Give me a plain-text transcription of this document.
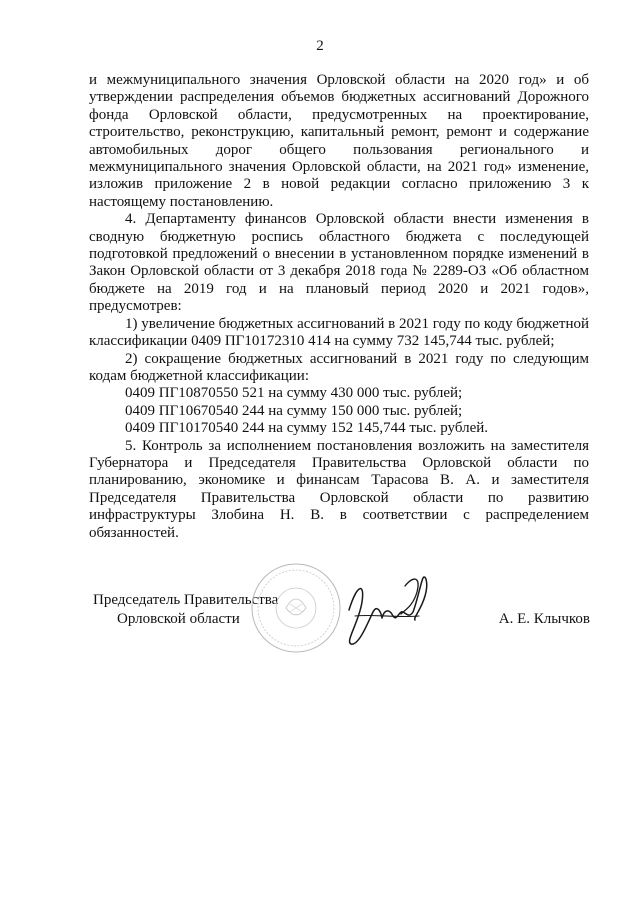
2

и межмуниципального значения Орловской области на 2020 год» и об утверждении распределения объемов бюджетных ассигнований Дорожного фонда Орловской области, предусмотренных на проектирование, строительство, реконструкцию, капитальный ремонт, ремонт и содержание автомобильных дорог общего пользования регионального и межмуниципального значения Орловской области, на 2021 год» изменение, изложив приложение 2 в новой редакции согласно приложению 3 к настоящему постановлению.

4. Департаменту финансов Орловской области внести изменения в сводную бюджетную роспись областного бюджета с последующей подготовкой предложений о внесении в установленном порядке изменений в Закон Орловской области от 3 декабря 2018 года № 2289-ОЗ «Об областном бюджете на 2019 год и на плановый период 2020 и 2021 годов», предусмотрев:

1) увеличение бюджетных ассигнований в 2021 году по коду бюджетной классификации 0409 ПГ10172310 414 на сумму 732 145,744 тыс. рублей;

2) сокращение бюджетных ассигнований в 2021 году по следующим кодам бюджетной классификации:

0409 ПГ10870550 521 на сумму 430 000 тыс. рублей;

0409 ПГ10670540 244 на сумму 150 000 тыс. рублей;

0409 ПГ10170540 244 на сумму 152 145,744 тыс. рублей.

5. Контроль за исполнением постановления возложить на заместителя Губернатора и Председателя Правительства Орловской области по планированию, экономике и финансам Тарасова В. А. и заместителя Председателя Правительства Орловской области по развитию инфраструктуры Злобина Н. В. в соответствии с распределением обязанностей.

Председатель Правительства
Орловской области	А. Е. Клычков
